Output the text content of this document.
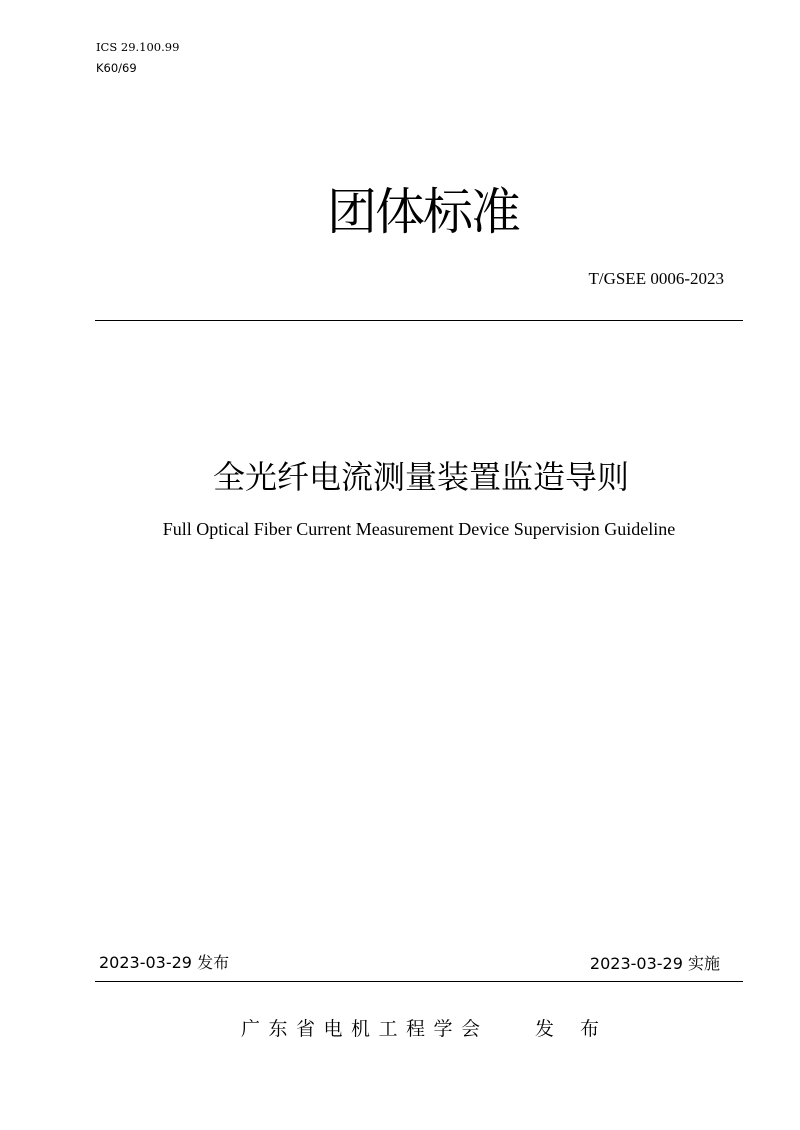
ICS 29.100.99
K60/69
团体标准
T/GSEE 0006-2023
全光纤电流测量装置监造导则
Full Optical Fiber Current Measurement Device Supervision Guideline
2023-03-29 发布	2023-03-29 实施
广东省电机工程学会 发 布
